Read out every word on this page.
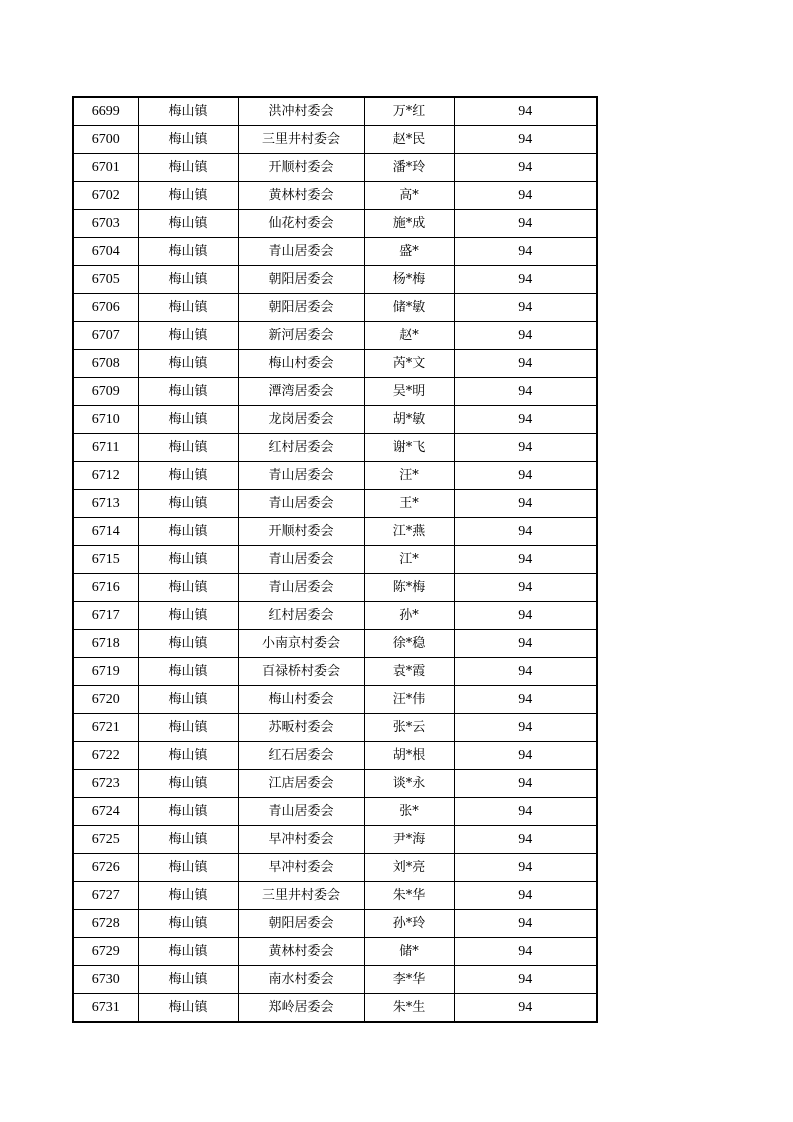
6699	梅山镇	洪冲村委会	万*红	94
6700	梅山镇	三里井村委会	赵*民	94
6701	梅山镇	开顺村委会	潘*玲	94
6702	梅山镇	黄林村委会	高*	94
6703	梅山镇	仙花村委会	施*成	94
6704	梅山镇	青山居委会	盛*	94
6705	梅山镇	朝阳居委会	杨*梅	94
6706	梅山镇	朝阳居委会	储*敏	94
6707	梅山镇	新河居委会	赵*	94
6708	梅山镇	梅山村委会	芮*文	94
6709	梅山镇	潭湾居委会	吴*明	94
6710	梅山镇	龙岗居委会	胡*敏	94
6711	梅山镇	红村居委会	谢*飞	94
6712	梅山镇	青山居委会	汪*	94
6713	梅山镇	青山居委会	王*	94
6714	梅山镇	开顺村委会	江*燕	94
6715	梅山镇	青山居委会	江*	94
6716	梅山镇	青山居委会	陈*梅	94
6717	梅山镇	红村居委会	孙*	94
6718	梅山镇	小南京村委会	徐*稳	94
6719	梅山镇	百禄桥村委会	袁*霞	94
6720	梅山镇	梅山村委会	汪*伟	94
6721	梅山镇	苏畈村委会	张*云	94
6722	梅山镇	红石居委会	胡*根	94
6723	梅山镇	江店居委会	谈*永	94
6724	梅山镇	青山居委会	张*	94
6725	梅山镇	早冲村委会	尹*海	94
6726	梅山镇	早冲村委会	刘*亮	94
6727	梅山镇	三里井村委会	朱*华	94
6728	梅山镇	朝阳居委会	孙*玲	94
6729	梅山镇	黄林村委会	储*	94
6730	梅山镇	南水村委会	李*华	94
6731	梅山镇	郑岭居委会	朱*生	94
